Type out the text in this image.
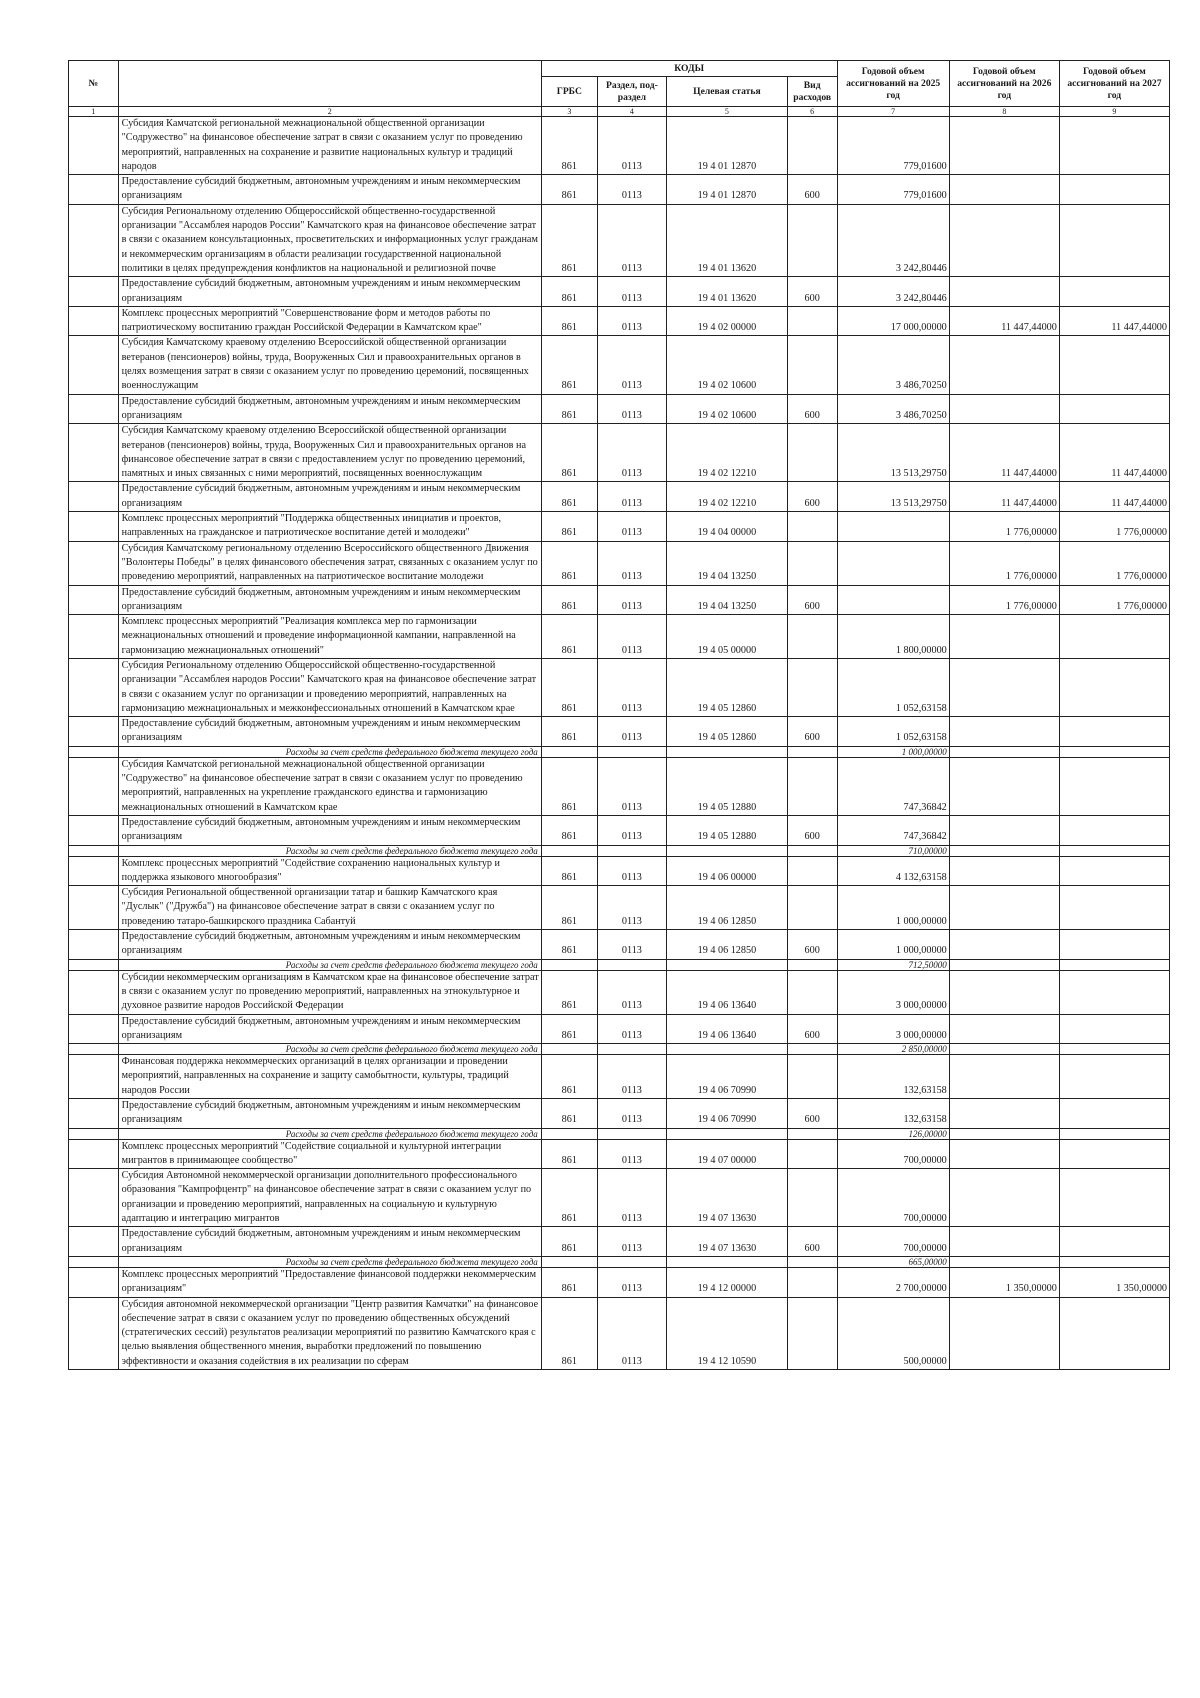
№		КОДЫ				Годовой объем ассигнований на 2025 год	Годовой объем ассигнований на 2026 год	Годовой объем ассигнований на 2027 год
		ГРБС	Раздел, под-раздел	Целевая статья	Вид расходов			
1	2	3	4	5	6	7	8	9
	Субсидия Камчатской региональной межнациональной общественной организации "Содружество" на финансовое обеспечение затрат в связи с оказанием услуг по проведению мероприятий, направленных на сохранение и развитие национальных культур и традиций народов	861	0113	19 4 01 12870		779,01600		
	Предоставление субсидий бюджетным, автономным учреждениям и иным некоммерческим организациям	861	0113	19 4 01 12870	600	779,01600		
	Субсидия Региональному отделению Общероссийской общественно-государственной организации "Ассамблея народов России" Камчатского края на финансовое обеспечение затрат в связи с оказанием консультационных, просветительских и информационных услуг гражданам и некоммерческим организациям в области реализации государственной национальной политики в целях предупреждения конфликтов на национальной и религиозной почве	861	0113	19 4 01 13620		3 242,80446		
	Предоставление субсидий бюджетным, автономным учреждениям и иным некоммерческим организациям	861	0113	19 4 01 13620	600	3 242,80446		
	Комплекс процессных мероприятий "Совершенствование форм и методов работы по патриотическому воспитанию граждан Российской Федерации в Камчатском крае"	861	0113	19 4 02 00000		17 000,00000	11 447,44000	11 447,44000
	Субсидия Камчатскому краевому отделению Всероссийской общественной организации ветеранов (пенсионеров) войны, труда, Вооруженных Сил и правоохранительных органов в целях возмещения затрат в связи с оказанием услуг по проведению церемоний, посвященных военнослужащим	861	0113	19 4 02 10600		3 486,70250		
	Предоставление субсидий бюджетным, автономным учреждениям и иным некоммерческим организациям	861	0113	19 4 02 10600	600	3 486,70250		
	Субсидия Камчатскому краевому отделению Всероссийской общественной организации ветеранов (пенсионеров) войны, труда, Вооруженных Сил и правоохранительных органов на финансовое обеспечение затрат в связи с предоставлением услуг по проведению церемоний, памятных и иных связанных с ними мероприятий, посвященных военнослужащим	861	0113	19 4 02 12210		13 513,29750	11 447,44000	11 447,44000
	Предоставление субсидий бюджетным, автономным учреждениям и иным некоммерческим организациям	861	0113	19 4 02 12210	600	13 513,29750	11 447,44000	11 447,44000
	Комплекс процессных мероприятий "Поддержка общественных инициатив и проектов, направленных на гражданское и патриотическое воспитание детей и молодежи"	861	0113	19 4 04 00000			1 776,00000	1 776,00000
	Субсидия Камчатскому региональному отделению Всероссийского общественного Движения "Волонтеры Победы" в целях финансового обеспечения затрат, связанных с оказанием услуг по проведению мероприятий, направленных на патриотическое воспитание молодежи	861	0113	19 4 04 13250			1 776,00000	1 776,00000
	Предоставление субсидий бюджетным, автономным учреждениям и иным некоммерческим организациям	861	0113	19 4 04 13250	600		1 776,00000	1 776,00000
	Комплекс процессных мероприятий "Реализация комплекса мер по гармонизации межнациональных отношений и проведение информационной кампании, направленной на гармонизацию межнациональных отношений"	861	0113	19 4 05 00000		1 800,00000		
	Субсидия Региональному отделению Общероссийской общественно-государственной организации "Ассамблея народов России" Камчатского края на финансовое обеспечение затрат в связи с оказанием услуг по организации и проведению мероприятий, направленных на гармонизацию межнациональных и межконфессиональных отношений в Камчатском крае	861	0113	19 4 05 12860		1 052,63158		
	Предоставление субсидий бюджетным, автономным учреждениям и иным некоммерческим организациям	861	0113	19 4 05 12860	600	1 052,63158		
	Расходы за счет средств федерального бюджета текущего года					1 000,00000		
	Субсидия Камчатской региональной межнациональной общественной организации "Содружество" на финансовое обеспечение затрат в связи с оказанием услуг по проведению мероприятий, направленных на укрепление гражданского единства и гармонизацию межнациональных отношений в Камчатском крае	861	0113	19 4 05 12880		747,36842		
	Предоставление субсидий бюджетным, автономным учреждениям и иным некоммерческим организациям	861	0113	19 4 05 12880	600	747,36842		
	Расходы за счет средств федерального бюджета текущего года					710,00000		
	Комплекс процессных мероприятий "Содействие сохранению национальных культур и поддержка языкового многообразия"	861	0113	19 4 06 00000		4 132,63158		
	Субсидия Региональной общественной организации татар и башкир Камчатского края "Дуслык" ("Дружба") на финансовое обеспечение затрат в связи с оказанием услуг по проведению татаро-башкирского праздника Сабантуй	861	0113	19 4 06 12850		1 000,00000		
	Предоставление субсидий бюджетным, автономным учреждениям и иным некоммерческим организациям	861	0113	19 4 06 12850	600	1 000,00000		
	Расходы за счет средств федерального бюджета текущего года					712,50000		
	Субсидии некоммерческим организациям в Камчатском крае на финансовое обеспечение затрат в связи с оказанием услуг по проведению мероприятий, направленных на этнокультурное и духовное развитие народов Российской Федерации	861	0113	19 4 06 13640		3 000,00000		
	Предоставление субсидий бюджетным, автономным учреждениям и иным некоммерческим организациям	861	0113	19 4 06 13640	600	3 000,00000		
	Расходы за счет средств федерального бюджета текущего года					2 850,00000		
	Финансовая поддержка некоммерческих организаций в целях организации и проведении мероприятий, направленных на сохранение и защиту самобытности, культуры, традиций народов России	861	0113	19 4 06 70990		132,63158		
	Предоставление субсидий бюджетным, автономным учреждениям и иным некоммерческим организациям	861	0113	19 4 06 70990	600	132,63158		
	Расходы за счет средств федерального бюджета текущего года					126,00000		
	Комплекс процессных мероприятий "Содействие социальной и культурной интеграции мигрантов в принимающее сообщество"	861	0113	19 4 07 00000		700,00000		
	Субсидия Автономной некоммерческой организации дополнительного профессионального образования "Кампрофцентр" на финансовое обеспечение затрат в связи с оказанием услуг по организации и проведению мероприятий, направленных на социальную и культурную адаптацию и интеграцию мигрантов	861	0113	19 4 07 13630		700,00000		
	Предоставление субсидий бюджетным, автономным учреждениям и иным некоммерческим организациям	861	0113	19 4 07 13630	600	700,00000		
	Расходы за счет средств федерального бюджета текущего года					665,00000		
	Комплекс процессных мероприятий "Предоставление финансовой поддержки некоммерческим организациям"	861	0113	19 4 12 00000		2 700,00000	1 350,00000	1 350,00000
	Субсидия автономной некоммерческой организации "Центр развития Камчатки" на финансовое обеспечение затрат в связи с оказанием услуг по проведению общественных обсуждений (стратегических сессий) результатов реализации мероприятий по развитию Камчатского края с целью выявления общественного мнения, выработки предложений по повышению эффективности и оказания содействия в их реализации по сферам	861	0113	19 4 12 10590		500,00000		
